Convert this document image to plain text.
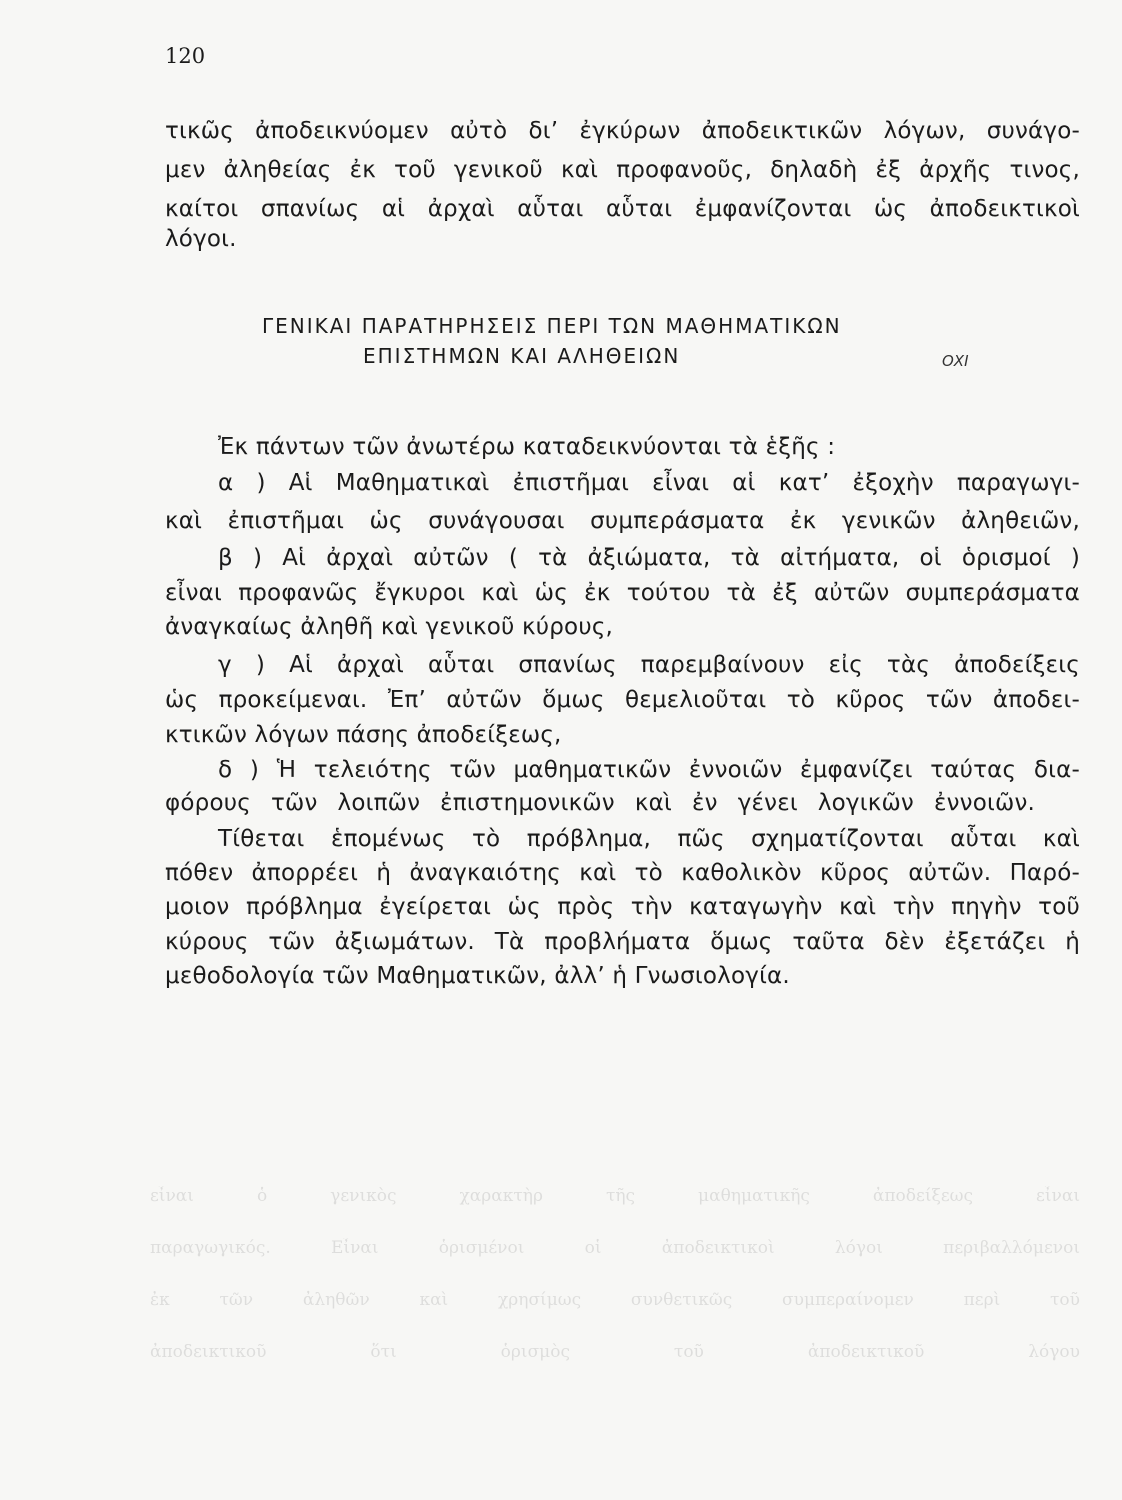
120
εἶναι ὁ γενικὸς χαρακτὴρ τῆς μαθηματικῆς ἀποδείξεως εἶναι
παραγωγικός. Εἶναι ὁρισμένοι οἱ ἀποδεικτικοὶ λόγοι περιβαλλόμενοι
ἐκ τῶν ἀληθῶν καὶ χρησίμως συνθετικῶς συμπεραίνομεν περὶ τοῦ
ἀποδεικτικοῦ ὅτι ὁρισμὸς τοῦ ἀποδεικτικοῦ λόγου
τικῶς ἀποδεικνύομεν αὐτὸ δι’ ἐγκύρων ἀποδεικτικῶν λόγων, συνάγο-
μεν ἀληθείας ἐκ τοῦ γενικοῦ καὶ προφανοῦς, δηλαδὴ ἐξ ἀρχῆς τινος,
καίτοι σπανίως αἱ ἀρχαὶ αὗται αὗται ἐμφανίζονται ὡς ἀποδεικτικοὶ
λόγοι.
ΓΕΝΙΚΑΙ ΠΑΡΑΤΗΡΗΣΕΙΣ ΠΕΡΙ ΤΩΝ ΜΑΘΗΜΑΤΙΚΩΝ
ΕΠΙΣΤΗΜΩΝ ΚΑΙ ΑΛΗΘΕΙΩΝ	ΟΧΙ
Ἐκ πάντων τῶν ἀνωτέρω καταδεικνύονται τὰ ἑξῆς :
α ) Αἱ Μαθηματικαὶ ἐπιστῆμαι εἶναι αἱ κατ’ ἐξοχὴν παραγωγι-
καὶ ἐπιστῆμαι ὡς συνάγουσαι συμπεράσματα ἐκ γενικῶν ἀληθειῶν,
β ) Αἱ ἀρχαὶ αὐτῶν ( τὰ ἀξιώματα, τὰ αἰτήματα, οἱ ὁρισμοί )
εἶναι προφανῶς ἔγκυροι καὶ ὡς ἐκ τούτου τὰ ἐξ αὐτῶν συμπεράσματα
ἀναγκαίως ἀληθῆ καὶ γενικοῦ κύρους,
γ ) Αἱ ἀρχαὶ αὗται σπανίως παρεμβαίνουν εἰς τὰς ἀποδείξεις
ὡς προκείμεναι. Ἐπ’ αὐτῶν ὅμως θεμελιοῦται τὸ κῦρος τῶν ἀποδει-
κτικῶν λόγων πάσης ἀποδείξεως,
δ ) Ἡ τελειότης τῶν μαθηματικῶν ἐννοιῶν ἐμφανίζει ταύτας δια-
φόρους τῶν λοιπῶν ἐπιστημονικῶν καὶ ἐν γένει λογικῶν ἐννοιῶν.
Τίθεται ἑπομένως τὸ πρόβλημα, πῶς σχηματίζονται αὗται καὶ
πόθεν ἀπορρέει ἡ ἀναγκαιότης καὶ τὸ καθολικὸν κῦρος αὐτῶν. Παρό-
μοιον πρόβλημα ἐγείρεται ὡς πρὸς τὴν καταγωγὴν καὶ τὴν πηγὴν τοῦ
κύρους τῶν ἀξιωμάτων. Τὰ προβλήματα ὅμως ταῦτα δὲν ἐξετάζει ἡ
μεθοδολογία τῶν Μαθηματικῶν, ἀλλ’ ἡ Γνωσιολογία.
